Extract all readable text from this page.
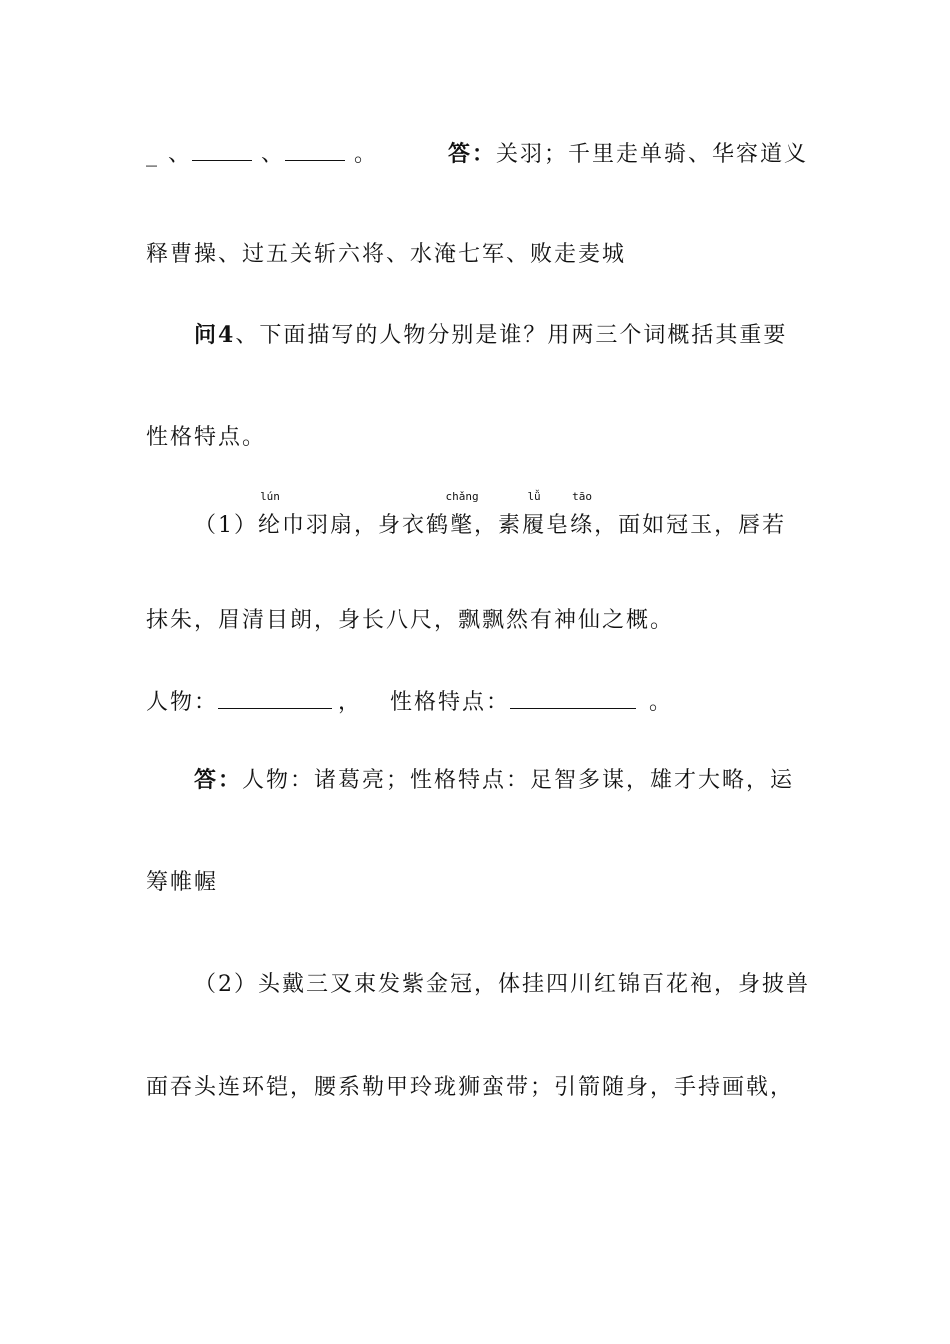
_ 、	、	。	答：关羽；千里走单骑、华容道义
释曹操、过五关斩六将、水淹七军、败走麦城
问4、下面描写的人物分别是谁？用两三个词概括其重要
性格特点。
（1）
lún
纶巾羽扇，身衣鹤
chǎng
氅，素
lǚ
履皂
tāo
绦，面如冠玉，唇若
抹朱，眉清目朗，身长八尺，飘飘然有神仙之概。
人物：	， 性格特点：	。
答：人物：诸葛亮；性格特点：足智多谋，雄才大略，运
筹帷幄
（2）头戴三叉束发紫金冠，体挂四川红锦百花袍，身披兽
面吞头连环铠，腰系勒甲玲珑狮蛮带；引箭随身，手持画戟，
